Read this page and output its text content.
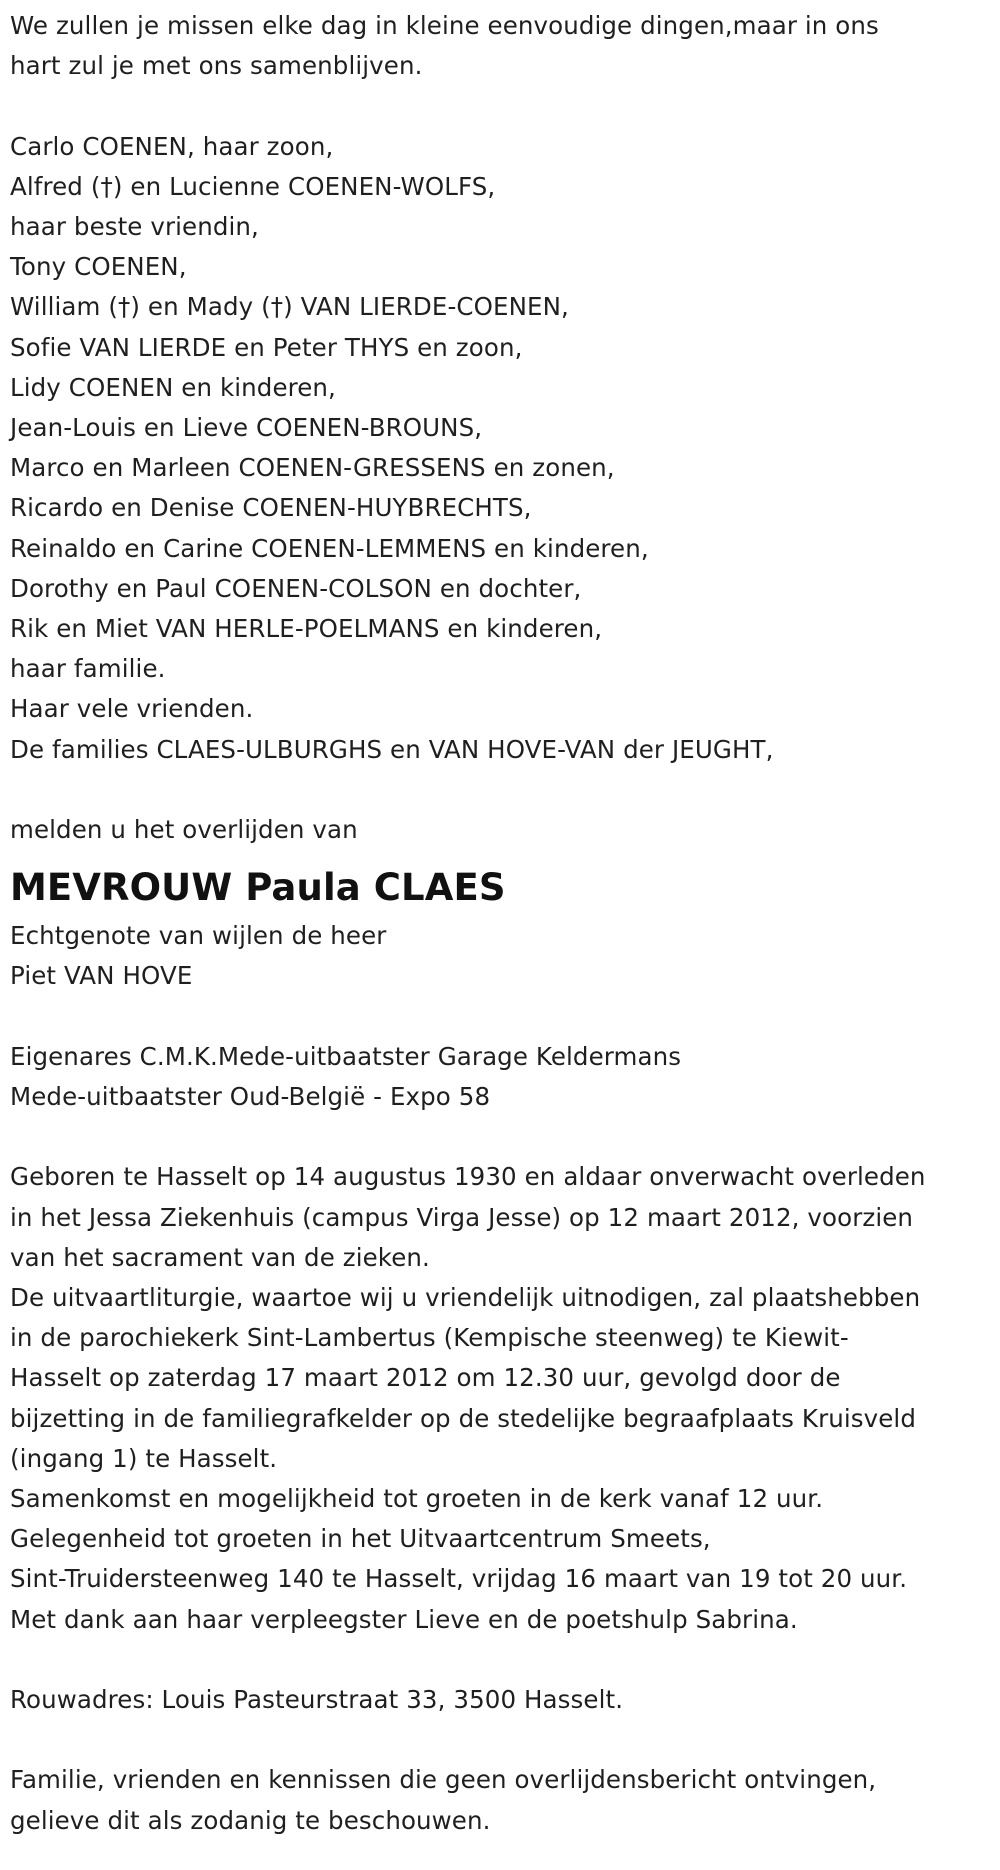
We zullen je missen elke dag in kleine eenvoudige dingen,maar in ons
hart zul je met ons samenblijven.
Carlo COENEN, haar zoon,
Alfred (†) en Lucienne COENEN-WOLFS,
haar beste vriendin,
Tony COENEN,
William (†) en Mady (†) VAN LIERDE-COENEN,
Sofie VAN LIERDE en Peter THYS en zoon,
Lidy COENEN en kinderen,
Jean-Louis en Lieve COENEN-BROUNS,
Marco en Marleen COENEN-GRESSENS en zonen,
Ricardo en Denise COENEN-HUYBRECHTS,
Reinaldo en Carine COENEN-LEMMENS en kinderen,
Dorothy en Paul COENEN-COLSON en dochter,
Rik en Miet VAN HERLE-POELMANS en kinderen,
haar familie.
Haar vele vrienden.
De families CLAES-ULBURGHS en VAN HOVE-VAN der JEUGHT,
melden u het overlijden van
MEVROUW Paula CLAES
Echtgenote van wijlen de heer
Piet VAN HOVE
Eigenares C.M.K.Mede-uitbaatster Garage Keldermans
Mede-uitbaatster Oud-België - Expo 58
Geboren te Hasselt op 14 augustus 1930 en aldaar onverwacht overleden
in het Jessa Ziekenhuis (campus Virga Jesse) op 12 maart 2012, voorzien
van het sacrament van de zieken.
De uitvaartliturgie, waartoe wij u vriendelijk uitnodigen, zal plaatshebben
in de parochiekerk Sint-Lambertus (Kempische steenweg) te Kiewit-
Hasselt op zaterdag 17 maart 2012 om 12.30 uur, gevolgd door de
bijzetting in de familiegrafkelder op de stedelijke begraafplaats Kruisveld
(ingang 1) te Hasselt.
Samenkomst en mogelijkheid tot groeten in de kerk vanaf 12 uur.
Gelegenheid tot groeten in het Uitvaartcentrum Smeets,
Sint-Truidersteenweg 140 te Hasselt, vrijdag 16 maart van 19 tot 20 uur.
Met dank aan haar verpleegster Lieve en de poetshulp Sabrina.
Rouwadres: Louis Pasteurstraat 33, 3500 Hasselt.
Familie, vrienden en kennissen die geen overlijdensbericht ontvingen,
gelieve dit als zodanig te beschouwen.
